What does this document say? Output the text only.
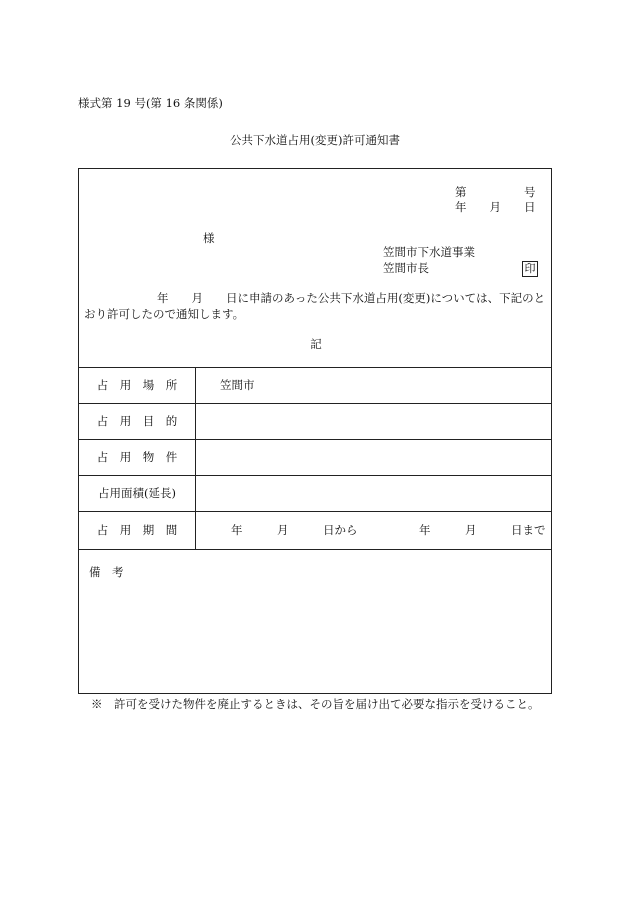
様式第 19 号(第 16 条関係)
公共下水道占用(変更)許可通知書
第　　　　　号
年　　月　　日
様
笠間市下水道事業
笠間市長	印
年　　月　　日に申請のあった公共下水道占用(変更)については、下記のと
おり許可したので通知します。
記
占　用　場　所	笠間市
占　用　目　的
占　用　物　件
占用面積(延長)
占　用　期　間	年　　　月　　　日から	年　　　月　　　日まで
備　考
※　許可を受けた物件を廃止するときは、その旨を届け出て必要な指示を受けること。
